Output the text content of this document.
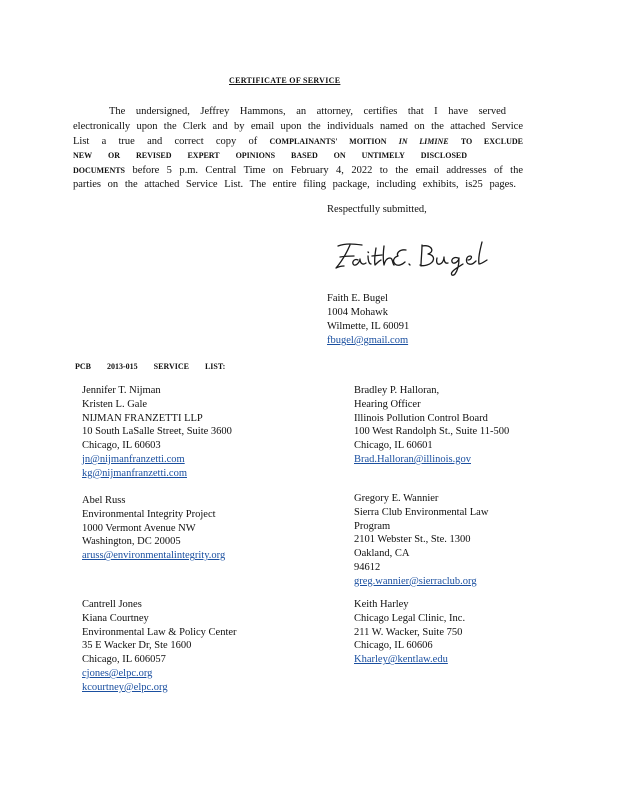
CERTIFICATE OF SERVICE
The undersigned, Jeffrey Hammons, an attorney, certifies that I have served
electronically upon the Clerk and by email upon the individuals named on the attached Service
List a true and correct copy of COMPLAINANTS' MOITION IN LIMINE TO EXCLUDE
NEW OR REVISED EXPERT OPINIONS BASED ON UNTIMELY DISCLOSED
DOCUMENTS before 5 p.m. Central Time on February 4, 2022 to the email addresses of the
parties on the attached Service List. The entire filing package, including exhibits, is25 pages.
Respectfully submitted,
Faith E. Bugel
1004 Mohawk
Wilmette, IL 60091
fbugel@gmail.com
PCB 2013-015 SERVICE LIST:
Jennifer T. Nijman
Kristen L. Gale
NIJMAN FRANZETTI LLP
10 South LaSalle Street, Suite 3600
Chicago, IL 60603
jn@nijmanfranzetti.com
kg@nijmanfranzetti.com
Abel Russ
Environmental Integrity Project
1000 Vermont Avenue NW
Washington, DC 20005
aruss@environmentalintegrity.org
Cantrell Jones
Kiana Courtney
Environmental Law & Policy Center
35 E Wacker Dr, Ste 1600
Chicago, IL 606057
cjones@elpc.org
kcourtney@elpc.org
Bradley P. Halloran,
Hearing Officer
Illinois Pollution Control Board
100 West Randolph St., Suite 11-500
Chicago, IL 60601
Brad.Halloran@illinois.gov
Gregory E. Wannier
Sierra Club Environmental Law
Program
2101 Webster St., Ste. 1300
Oakland, CA
94612
greg.wannier@sierraclub.org
Keith Harley
Chicago Legal Clinic, Inc.
211 W. Wacker, Suite 750
Chicago, IL 60606
Kharley@kentlaw.edu
